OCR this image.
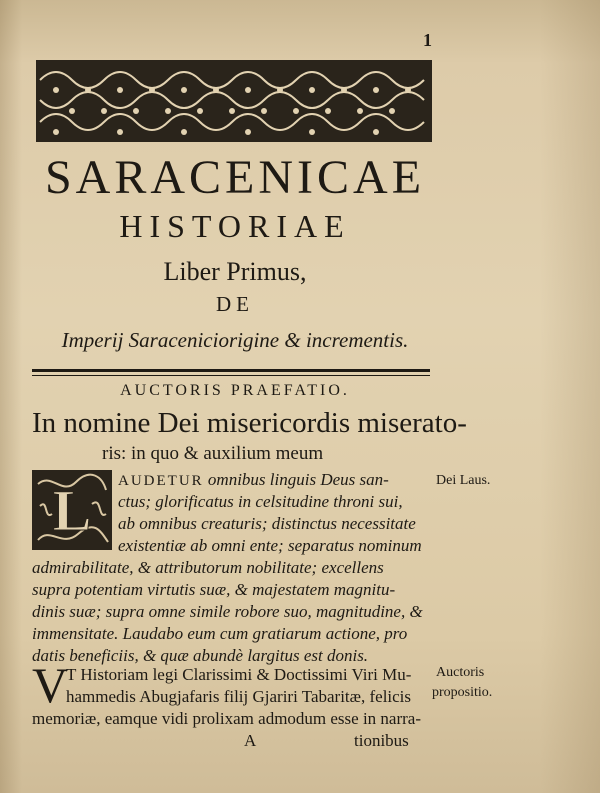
1
SARACENICAE
HISTORIAE
Liber Primus,
DE
Imperij Saraceniciorigine & incrementis.
AUCTORIS PRAEFATIO.
In nomine Dei misericordis miserato-
ris: in quo & auxilium meum
L AUDETUR omnibus linguis Deus san-
ctus; glorificatus in celsitudine throni sui,
ab omnibus creaturis; distinctus necessitate
existentiæ ab omni ente; separatus nominum
admirabilitate, & attributorum nobilitate; excellens
supra potentiam virtutis suæ, & majestatem magnitu-
dinis suæ; supra omne simile robore suo, magnitudine, &
immensitate. Laudabo eum cum gratiarum actione, pro
datis beneficiis, & quæ abundè largitus est donis.
Dei Laus.
V
T Historiam legi Clarissimi & Doctissimi Viri Mu-
hammedis Abugjafaris filij Gjariri Tabaritæ, felicis
memoriæ, eamque vidi prolixam admodum esse in narra-
Auctoris
propositio.
A	tionibus
